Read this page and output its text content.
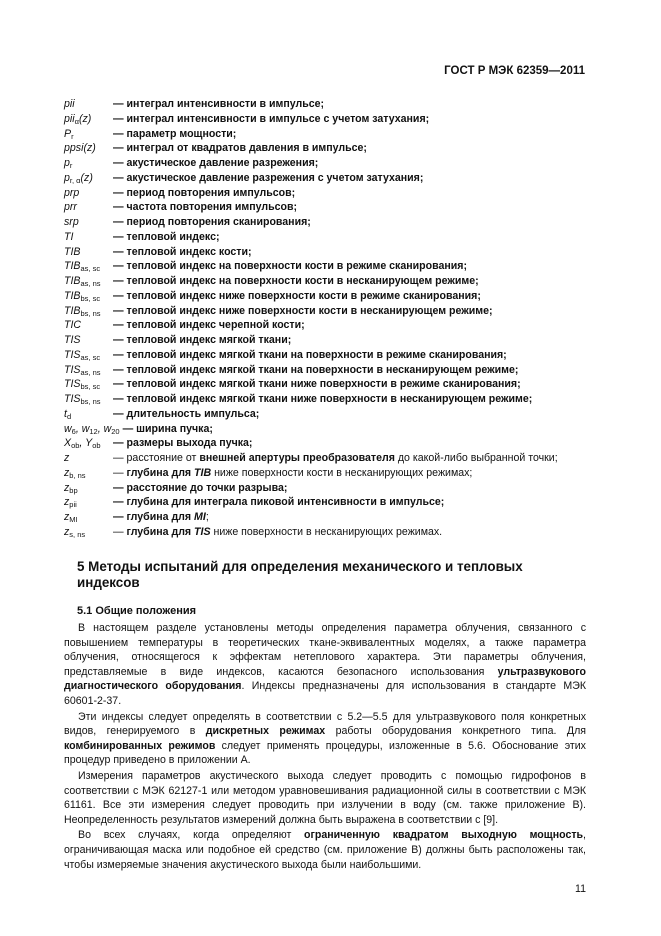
ГОСТ Р МЭК 62359—2011
pii	— интеграл интенсивности в импульсе;
pii$_\alpha$(z)	— интеграл интенсивности в импульсе с учетом затухания;
$P_r$	— параметр мощности;
ppsi(z)	— интеграл от квадратов давления в импульсе;
$p_r$	— акустическое давление разрежения;
$p_{r, \alpha}(z)$	— акустическое давление разрежения с учетом затухания;
prp	— период повторения импульсов;
prr	— частота повторения импульсов;
srp	— период повторения сканирования;
TI	— тепловой индекс;
TIB	— тепловой индекс кости;
$TIB_{as, sc}$	— тепловой индекс на поверхности кости в режиме сканирования;
$TIB_{as, ns}$	— тепловой индекс на поверхности кости в несканирующем режиме;
$TIB_{bs, sc}$	— тепловой индекс ниже поверхности кости в режиме сканирования;
$TIB_{bs, ns}$	— тепловой индекс ниже поверхности кости в несканирующем режиме;
TIC	— тепловой индекс черепной кости;
TIS	— тепловой индекс мягкой ткани;
$TIS_{as, sc}$	— тепловой индекс мягкой ткани на поверхности в режиме сканирования;
$TIS_{as, ns}$	— тепловой индекс мягкой ткани на поверхности в несканирующем режиме;
$TIS_{bs, sc}$	— тепловой индекс мягкой ткани ниже поверхности в режиме сканирования;
$TIS_{bs, ns}$	— тепловой индекс мягкой ткани ниже поверхности в несканирующем режиме;
$t_d$	— длительность импульса;
$w_6$, $w_{12}$, $w_{20}$ — ширина пучка;
$X_{ob}$, $Y_{ob}$	— размеры выхода пучка;
z	— расстояние от внешней апертуры преобразователя до какой-либо выбранной точки;
$z_{b, ns}$	— глубина для TIB ниже поверхности кости в несканирующих режимах;
$z_{bp}$	— расстояние до точки разрыва;
$z_{pii}$	— глубина для интеграла пиковой интенсивности в импульсе;
$z_{MI}$	— глубина для MI;
$z_{s, ns}$	— глубина для TIS ниже поверхности в несканирующих режимах.
5 Методы испытаний для определения механического и тепловых индексов
5.1 Общие положения

В настоящем разделе установлены методы определения параметра облучения, связанного с повышением температуры в теоретических ткане-эквивалентных моделях, а также параметра облучения, относящегося к эффектам нетеплового характера. Эти параметры облучения, представляемые в виде индексов, касаются безопасного использования ультразвукового диагностического оборудования. Индексы предназначены для использования в стандарте МЭК 60601-2-37.

Эти индексы следует определять в соответствии с 5.2—5.5 для ультразвукового поля конкретных видов, генерируемого в дискретных режимах работы оборудования конкретного типа. Для комбинированных режимов следует применять процедуры, изложенные в 5.6. Обоснование этих процедур приведено в приложении А.

Измерения параметров акустического выхода следует проводить с помощью гидрофонов в соответствии с МЭК 62127-1 или методом уравновешивания радиационной силы в соответствии с МЭК 61161. Все эти измерения следует проводить при излучении в воду (см. также приложение В). Неопределенность результатов измерений должна быть выражена в соответствии с [9].

Во всех случаях, когда определяют ограниченную квадратом выходную мощность, ограничивающая маска или подобное ей средство (см. приложение В) должны быть расположены так, чтобы измеряемые значения акустического выхода были наибольшими.

11
